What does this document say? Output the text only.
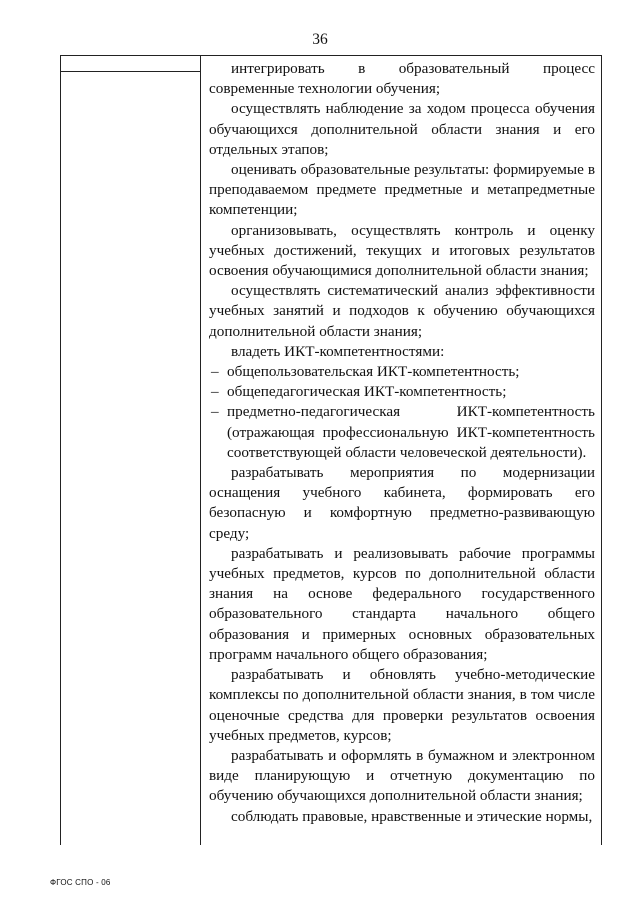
36

интегрировать в образовательный процесс современные технологии обучения;

осуществлять наблюдение за ходом процесса обучения обучающихся дополнительной области знания и его отдельных этапов;

оценивать образовательные результаты: формируемые в преподаваемом предмете предметные и метапредметные компетенции;

организовывать, осуществлять контроль и оценку учебных достижений, текущих и итоговых результатов освоения обучающимися дополнительной области знания;

осуществлять систематический анализ эффективности учебных занятий и подходов к обучению обучающихся дополнительной области знания;

владеть ИКТ-компетентностями:

– общепользовательская ИКТ-компетентность;
– общепедагогическая ИКТ-компетентность;
– предметно-педагогическая ИКТ-компетентность (отражающая профессиональную ИКТ-компетентность соответствующей области человеческой деятельности).

разрабатывать мероприятия по модернизации оснащения учебного кабинета, формировать его безопасную и комфортную предметно-развивающую среду;

разрабатывать и реализовывать рабочие программы учебных предметов, курсов по дополнительной области знания на основе федерального государственного образовательного стандарта начального общего образования и примерных основных образовательных программ начального общего образования;

разрабатывать и обновлять учебно-методические комплексы по дополнительной области знания, в том числе оценочные средства для проверки результатов освоения учебных предметов, курсов;

разрабатывать и оформлять в бумажном и электронном виде планирующую и отчетную документацию по обучению обучающихся дополнительной области знания;

соблюдать правовые, нравственные и этические нормы,

ФГОС СПО - 06
